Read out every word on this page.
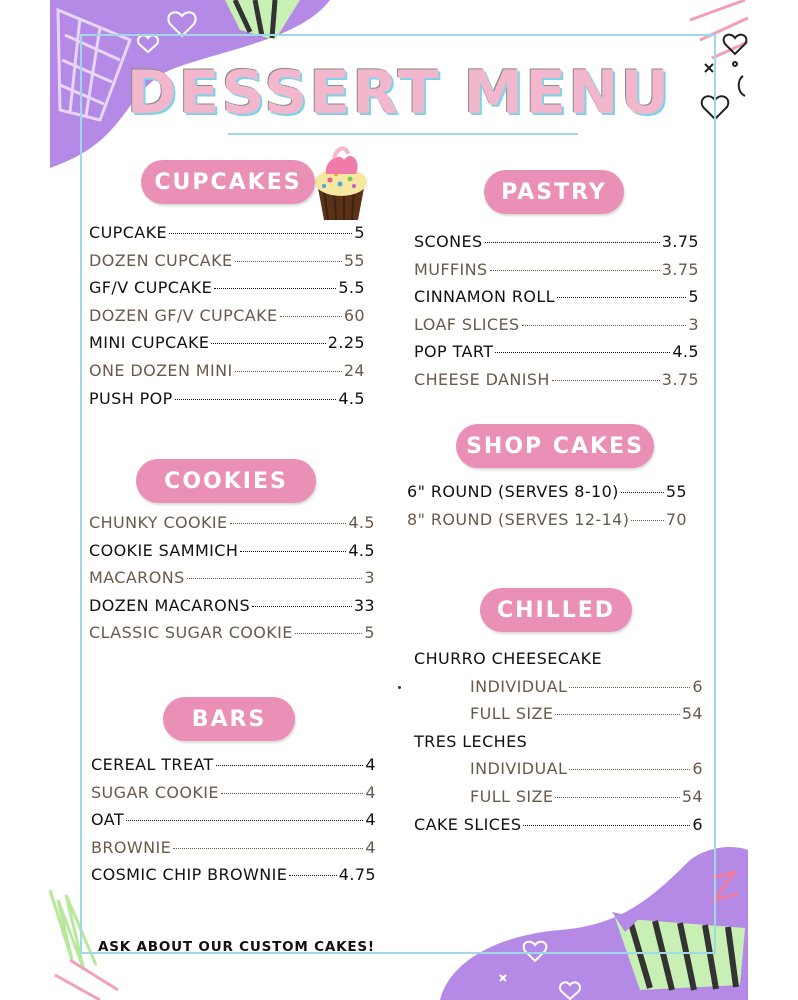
DESSERT MENU
CUPCAKES	PASTRY
COOKIES
SHOP CAKES
CHILLED
BARS
CUPCAKE	5
DOZEN CUPCAKE	55
GF/V CUPCAKE	5.5
DOZEN GF/V CUPCAKE	60
MINI CUPCAKE	2.25
ONE DOZEN MINI	24
PUSH POP	4.5
CHUNKY COOKIE	4.5
COOKIE SAMMICH	4.5
MACARONS	3
DOZEN MACARONS	33
CLASSIC SUGAR COOKIE	5
CEREAL TREAT	4
SUGAR COOKIE	4
OAT	4
BROWNIE	4
COSMIC CHIP BROWNIE	4.75
SCONES	3.75
MUFFINS	3.75
CINNAMON ROLL	5
LOAF SLICES	3
POP TART	4.5
CHEESE DANISH	3.75
6" ROUND (SERVES 8-10)	55
8" ROUND (SERVES 12-14) 70
CHURRO CHEESECAKE
INDIVIDUAL	6
FULL SIZE	54
TRES LECHES
INDIVIDUAL	6
FULL SIZE	54
CAKE SLICES	6
ASK ABOUT OUR CUSTOM CAKES!
